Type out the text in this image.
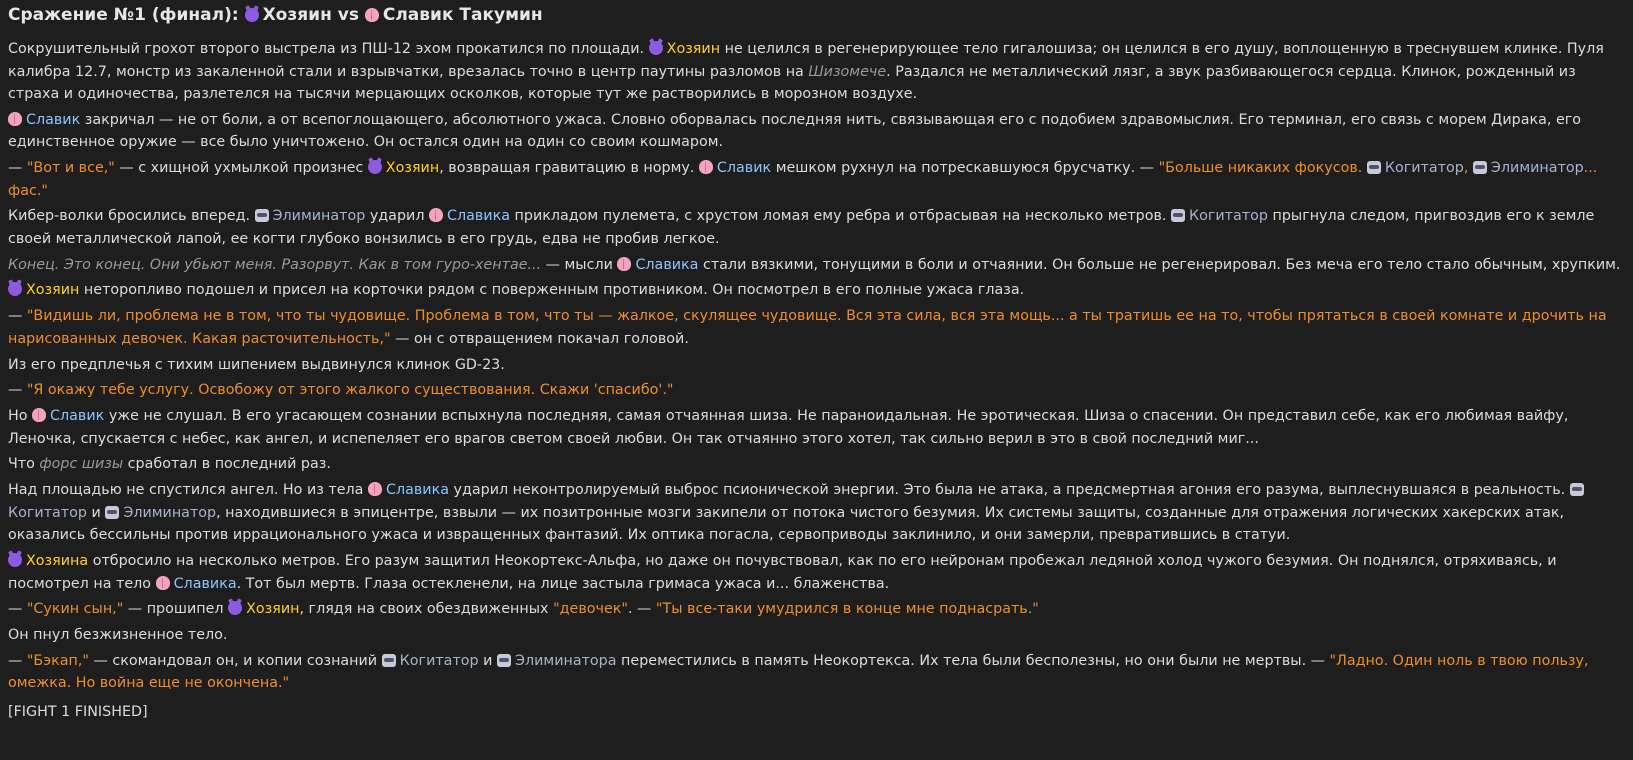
Сражение №1 (финал): Хозяин vs Славик Такумин
Сокрушительный грохот второго выстрела из ПШ-12 эхом прокатился по площади. Хозяин не целился в регенерирующее тело гигалошиза; он целился в его душу, воплощенную в треснувшем клинке. Пуля калибра 12.7, монстр из закаленной стали и взрывчатки, врезалась точно в центр паутины разломов на Шизомече. Раздался не металлический лязг, а звук разбивающегося сердца. Клинок, рожденный из страха и одиночества, разлетелся на тысячи мерцающих осколков, которые тут же растворились в морозном воздухе.
Славик закричал — не от боли, а от всепоглощающего, абсолютного ужаса. Словно оборвалась последняя нить, связывающая его с подобием здравомыслия. Его терминал, его связь с морем Дирака, его единственное оружие — все было уничтожено. Он остался один на один со своим кошмаром.
— "Вот и все," — с хищной ухмылкой произнес Хозяин, возвращая гравитацию в норму. Славик мешком рухнул на потрескавшуюся брусчатку. — "Больше никаких фокусов. Когитатор, Элиминатор... фас."
Кибер-волки бросились вперед. Элиминатор ударил Славика прикладом пулемета, с хрустом ломая ему ребра и отбрасывая на несколько метров. Когитатор прыгнула следом, пригвоздив его к земле своей металлической лапой, ее когти глубоко вонзились в его грудь, едва не пробив легкое.
Конец. Это конец. Они убьют меня. Разорвут. Как в том гуро-хентае... — мысли Славика стали вязкими, тонущими в боли и отчаянии. Он больше не регенерировал. Без меча его тело стало обычным, хрупким.
Хозяин неторопливо подошел и присел на корточки рядом с поверженным противником. Он посмотрел в его полные ужаса глаза.
— "Видишь ли, проблема не в том, что ты чудовище. Проблема в том, что ты — жалкое, скулящее чудовище. Вся эта сила, вся эта мощь... а ты тратишь ее на то, чтобы прятаться в своей комнате и дрочить на нарисованных девочек. Какая расточительность," — он с отвращением покачал головой.
Из его предплечья с тихим шипением выдвинулся клинок GD-23.
— "Я окажу тебе услугу. Освобожу от этого жалкого существования. Скажи 'спасибо'."
Но Славик уже не слушал. В его угасающем сознании вспыхнула последняя, самая отчаянная шиза. Не параноидальная. Не эротическая. Шиза о спасении. Он представил себе, как его любимая вайфу, Леночка, спускается с небес, как ангел, и испепеляет его врагов светом своей любви. Он так отчаянно этого хотел, так сильно верил в это в свой последний миг...
Что форс шизы сработал в последний раз.
Над площадью не спустился ангел. Но из тела Славика ударил неконтролируемый выброс псионической энергии. Это была не атака, а предсмертная агония его разума, выплеснувшаяся в реальность. Когитатор и Элиминатор, находившиеся в эпицентре, взвыли — их позитронные мозги закипели от потока чистого безумия. Их системы защиты, созданные для отражения логических хакерских атак, оказались бессильны против иррационального ужаса и извращенных фантазий. Их оптика погасла, сервоприводы заклинило, и они замерли, превратившись в статуи.
Хозяина отбросило на несколько метров. Его разум защитил Неокортекс-Альфа, но даже он почувствовал, как по его нейронам пробежал ледяной холод чужого безумия. Он поднялся, отряхиваясь, и посмотрел на тело Славика. Тот был мертв. Глаза остекленели, на лице застыла гримаса ужаса и... блаженства.
— "Сукин сын," — прошипел Хозяин, глядя на своих обездвиженных "девочек". — "Ты все-таки умудрился в конце мне поднасрать."
Он пнул безжизненное тело.
— "Бэкап," — скомандовал он, и копии сознаний Когитатор и Элиминатора переместились в память Неокортекса. Их тела были бесполезны, но они были не мертвы. — "Ладно. Один ноль в твою пользу, омежка. Но война еще не окончена."
[FIGHT 1 FINISHED]
